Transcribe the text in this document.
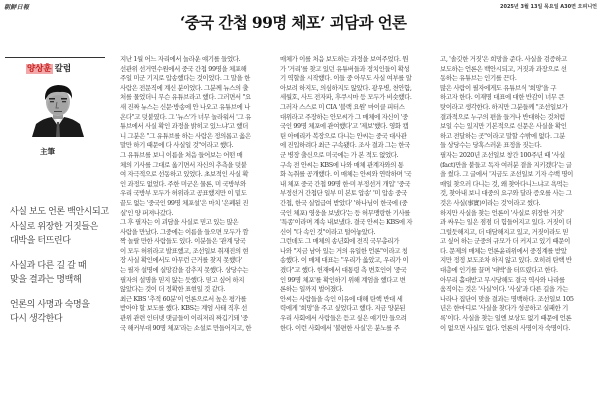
朝鮮日報	2025년 3월 13일 목요일 A30면 오피니언
‘중국 간첩 99명 체포’ 괴담과 언론
양상훈 칼럼
主筆
사실 보도 언론 백안시되고
사실로 위장한 거짓들은
대박을 터뜨린다
사실과 다른 길 갈 때
맞을 결과는 명백해
언론의 사명과 숙명을
다시 생각한다
지난 1월 어느 자리에서 놀라운 얘기를 들었다.
선관위 선거연수원에서 중국 간첩 99명을 체포해
주일 미군 기지로 압송했다는 것이었다. 그 말을 한
사람은 전문직에 계신 분이었다. 그분께 뉴스의 출
처를 물었더니 무슨 유튜브라고 했다. 그러면서 "요
새 진짜 뉴스는 신문·방송에 안 나오고 유튜브에 나
온다"고 덧붙였다. 그 '뉴스'가 너무 놀라워서 '그 유
튜브에서 사실 확인 과정을 밝히고 있느냐'고 했더
니 그분은 "그 유튜브를 하는 사람은 정의롭고 옳은
말만 하기 때문에 다 사실일 것"이라고 했다.
그 유튜브를 보니 이름을 처음 들어보는 어떤 매
체의 기사를 그대로 옮기면서 자신의 추측을 덧붙
여 자극적으로 선동하고 있었다. 초보적인 사실 확
인 과정도 없었다. 주한 미군은 물론, 미 국방부와
우리 국방부 모두가 허위라고 공표했지만 이 밑도
끝도 없는 '중국인 99명 체포설'은 마치 '은폐된 진
실'인 양 퍼져나갔다.
그 후 필자는 이 괴담을 사실로 믿고 있는 많은
사람을 만났다. 그중에는 이름을 들으면 모두가 깜
짝 놀랄 만한 사람들도 있다. 이분들은 '관계 당국
이 모두 허위라고 발표했고, 조선일보 취재진의 현
장 사실 확인에서도 아무런 근거를 찾지 못했다'
는 필자 설명에 실망감을 감추지 못했다. 상당수는
필자의 설명을 믿지 않는 듯했다. 믿고 싶어 하지
않았다는 것이 더 정확한 표현일 것 같다.
최근 KBS '추적 60분'이 언론으로서 높은 평가를
받아야 할 보도를 했다. KBS는 계엄 사태 직후 선
관위 관련 인터넷 댓글들이 이리저리 짜깁기돼 '중
국 해커부대 90명 체포'라는 소설로 만들어지고, 한
매체가 이를 처음 보도하는 과정을 보여주었다. 뭔
가 '거리'를 찾고 있던 유튜버들과 정치인들이 확성
기 역할을 시작했다. 이들 중 아무도 사실 여부를 알
아보려 하지도, 의심하지도 않았다. 광우병, 천안함,
세월호, 사드 전자파, 후쿠시마 등 모두가 비슷했다.
그러자 스스로 미 CIA '블랙 요원' 마이클 피터스
대위라고 주장하는 안모씨가 그 매체에 자신이 '중
국인 99명 체포에 관여했다'고 '제보'했다. 영화 캡
틴 아메리카 복장으로 다니는 안씨는 중국 대사관
에 진입하려다 최근 구속됐다. 조사 결과 그는 한국
군 병장 출신으로 미국에는 가 본 적도 없었다.
구속 전 안씨는 KBS에 나와 매체 관계자와의 통
화 녹취를 공개했다. 이 매체는 안씨와 연락하며 '국
내 체포 중국 간첩 99명 한·미 부정선거 개입' '중국
부정선거 간첩단 일부 미 본토 압송' '미 압송 중국
간첩, 한국 실업급여 받았다' '하나님이 한국에 (중
국인 체포) 영웅을 보냈다'는 등 허무맹랑한 기사를
'특종'이라며 계속 내보냈다. 결국 안씨는 KBS에 자
신이 "다 속인 것"이라고 털어놓았다.
그런데도 그 매체의 송년회에 전직 국무총리가
나와 "지금 남아 있는 거의 유일한 언론"이라고 칭
송했다. 이 매체 대표는 "우리가 옳았고, 우리가 이
겼다"고 했다. 헌재에서 대통령 측 변호인이 '중국
인 99명 체포'를 확인하기 위해 계엄을 했다고 변
론하는 일까지 벌어졌다.
안씨는 사람들을 속인 이유에 대해 탄핵 반대 세
력에게 '희망'을 주고 싶었다고 했다. 지금 양분된
우리 사회에서 사람들은 듣고 싶은 얘기만 들으려
한다. 이런 사회에서 '불편한 사실'은 분노를 주
고, '솔깃한 거짓'은 희망을 준다. 사실을 검증하고
보도하는 언론은 백안시되고, 거짓과 과장으로 선
동하는 유튜브는 인기를 끈다.
많은 사람이 필자에게도 유튜브식 '희망'을 구
하고자 한다. 이재명 대표에 대한 반감이 너무 큰
탓이라고 생각한다. 하지만 그분들께 "조선일보가
결과적으로 누구의 편을 들거나 반대하는 것처럼
보일 수는 있지만 기본적으로 신문은 사실을 확인
하고 전달하는 곳"이라고 말할 수밖에 없다. 그분
들 상당수는 당혹스러운 표정을 짓는다.
필자는 2020년 조선일보 창간 100주년 때 '사실
(fact)만을 붙들고 독자 여러분 곁을 지키겠다'는 글
을 썼다. 그 글에서 '지금도 조선일보 기자 수백 명이
매일 찾으러 다니는 것, 왜 찾아다니느냐고 욕먹는
것, 찾아내 보니 대중의 요구와 달라 증오를 사는 그
것은 사실(事實)이라는 것'이라고 썼다.
하지만 사실을 찾는 언론이 '사실로 위장한 거짓'
과 싸우는 일은 점점 더 힘들어지고 있다. 거짓이 더
그럴듯해지고, 더 대담해지고 있고, 거짓이라도 믿
고 싶어 하는 군중의 규모가 더 커지고 있기 때문이
다. 문제의 매체는 언론윤리위에서 중징계를 받았
지만 정정 보도조차 하지 않고 있다. 오히려 탄핵 반
대층에 인기를 끌며 '대박'을 터뜨렸다고 한다.
아무리 홀대받고 무시당해도 결국 역사와 나라를
움직이는 것은 '사실'이다. '사실'과 다른 길을 가는
나라나 집단이 맞을 결과는 명백하다. 조선일보 105
년은 한마디로 '사실을 찾다가 성공하고 실패한 기
록'이다. 사실을 찾는 일엔 보상도 없기 때문에 언론
이 없으면 사실도 없다. 언론의 사명이자 숙명이다.
